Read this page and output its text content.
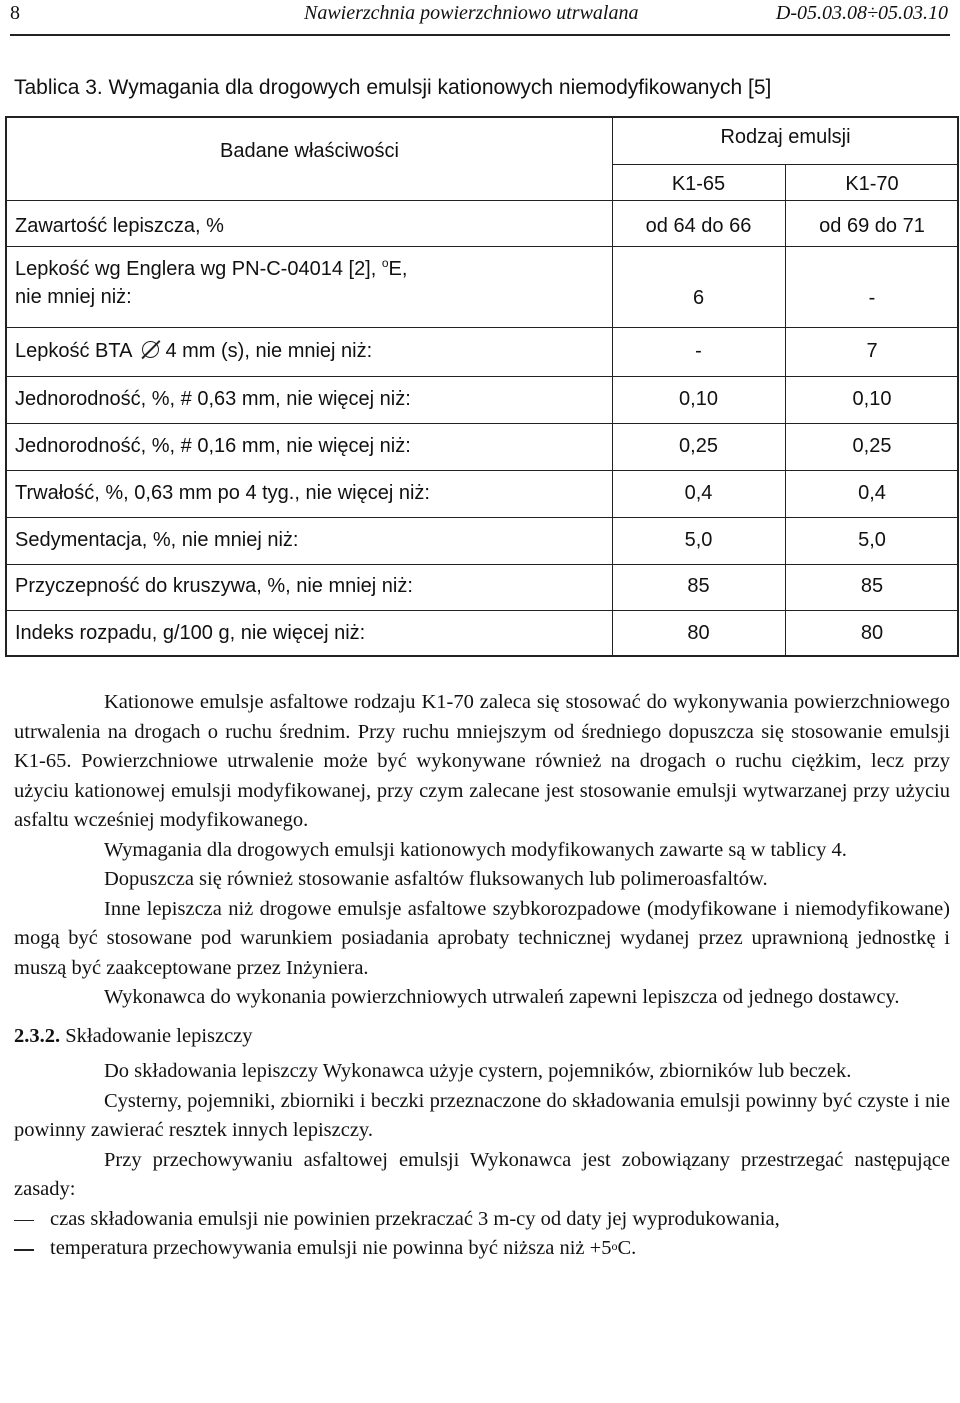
8	Nawierzchnia powierzchniowo utrwalana	D-05.03.08÷05.03.10
Tablica 3. Wymagania dla drogowych emulsji kationowych niemodyfikowanych [5]
Badane właściwości
Rodzaj emulsji
K1-65	K1-70
Zawartość lepiszcza, %	od 64 do 66	od 69 do 71
Lepkość wg Englera wg PN-C-04014 [2], $^o$E,
nie mniej niż:	6	-
Lepkość BTA 4 mm (s), nie mniej niż:	-	7
Jednorodność, %, # 0,63 mm, nie więcej niż:	0,10	0,10
Jednorodność, %, # 0,16 mm, nie więcej niż:	0,25	0,25
Trwałość, %, 0,63 mm po 4 tyg., nie więcej niż:	0,4	0,4
Sedymentacja, %, nie mniej niż:	5,0	5,0
Przyczepność do kruszywa, %, nie mniej niż:	85	85
Indeks rozpadu, g/100 g, nie więcej niż:	80	80

Kationowe emulsje asfaltowe rodzaju K1-70 zaleca się stosować do wykonywania powierzchniowego utrwalenia na drogach o ruchu średnim. Przy ruchu mniejszym od średniego dopuszcza się stosowanie emulsji K1-65. Powierzchniowe utrwalenie może być wykonywane również na drogach o ruchu ciężkim, lecz przy użyciu kationowej emulsji modyfikowanej, przy czym zalecane jest stosowanie emulsji wytwarzanej przy użyciu asfaltu wcześniej modyfikowanego.

Wymagania dla drogowych emulsji kationowych modyfikowanych zawarte są w tablicy 4.

Dopuszcza się również stosowanie asfaltów fluksowanych lub polimeroasfaltów.

Inne lepiszcza niż drogowe emulsje asfaltowe szybkorozpadowe (modyfikowane i niemodyfikowane) mogą być stosowane pod warunkiem posiadania aprobaty technicznej wydanej przez uprawnioną jednostkę i muszą być zaakceptowane przez Inżyniera.

Wykonawca do wykonania powierzchniowych utrwaleń zapewni lepiszcza od jednego dostawcy.

2.3.2. Składowanie lepiszczy

Do składowania lepiszczy Wykonawca użyje cystern, pojemników, zbiorników lub beczek.

Cysterny, pojemniki, zbiorniki i beczki przeznaczone do składowania emulsji powinny być czyste i nie powinny zawierać resztek innych lepiszczy.

Przy przechowywaniu asfaltowej emulsji Wykonawca jest zobowiązany przestrzegać następujące zasady:

czas składowania emulsji nie powinien przekraczać 3 m-cy od daty jej wyprodukowania,

temperatura przechowywania emulsji nie powinna być niższa niż $+5^oC$.
